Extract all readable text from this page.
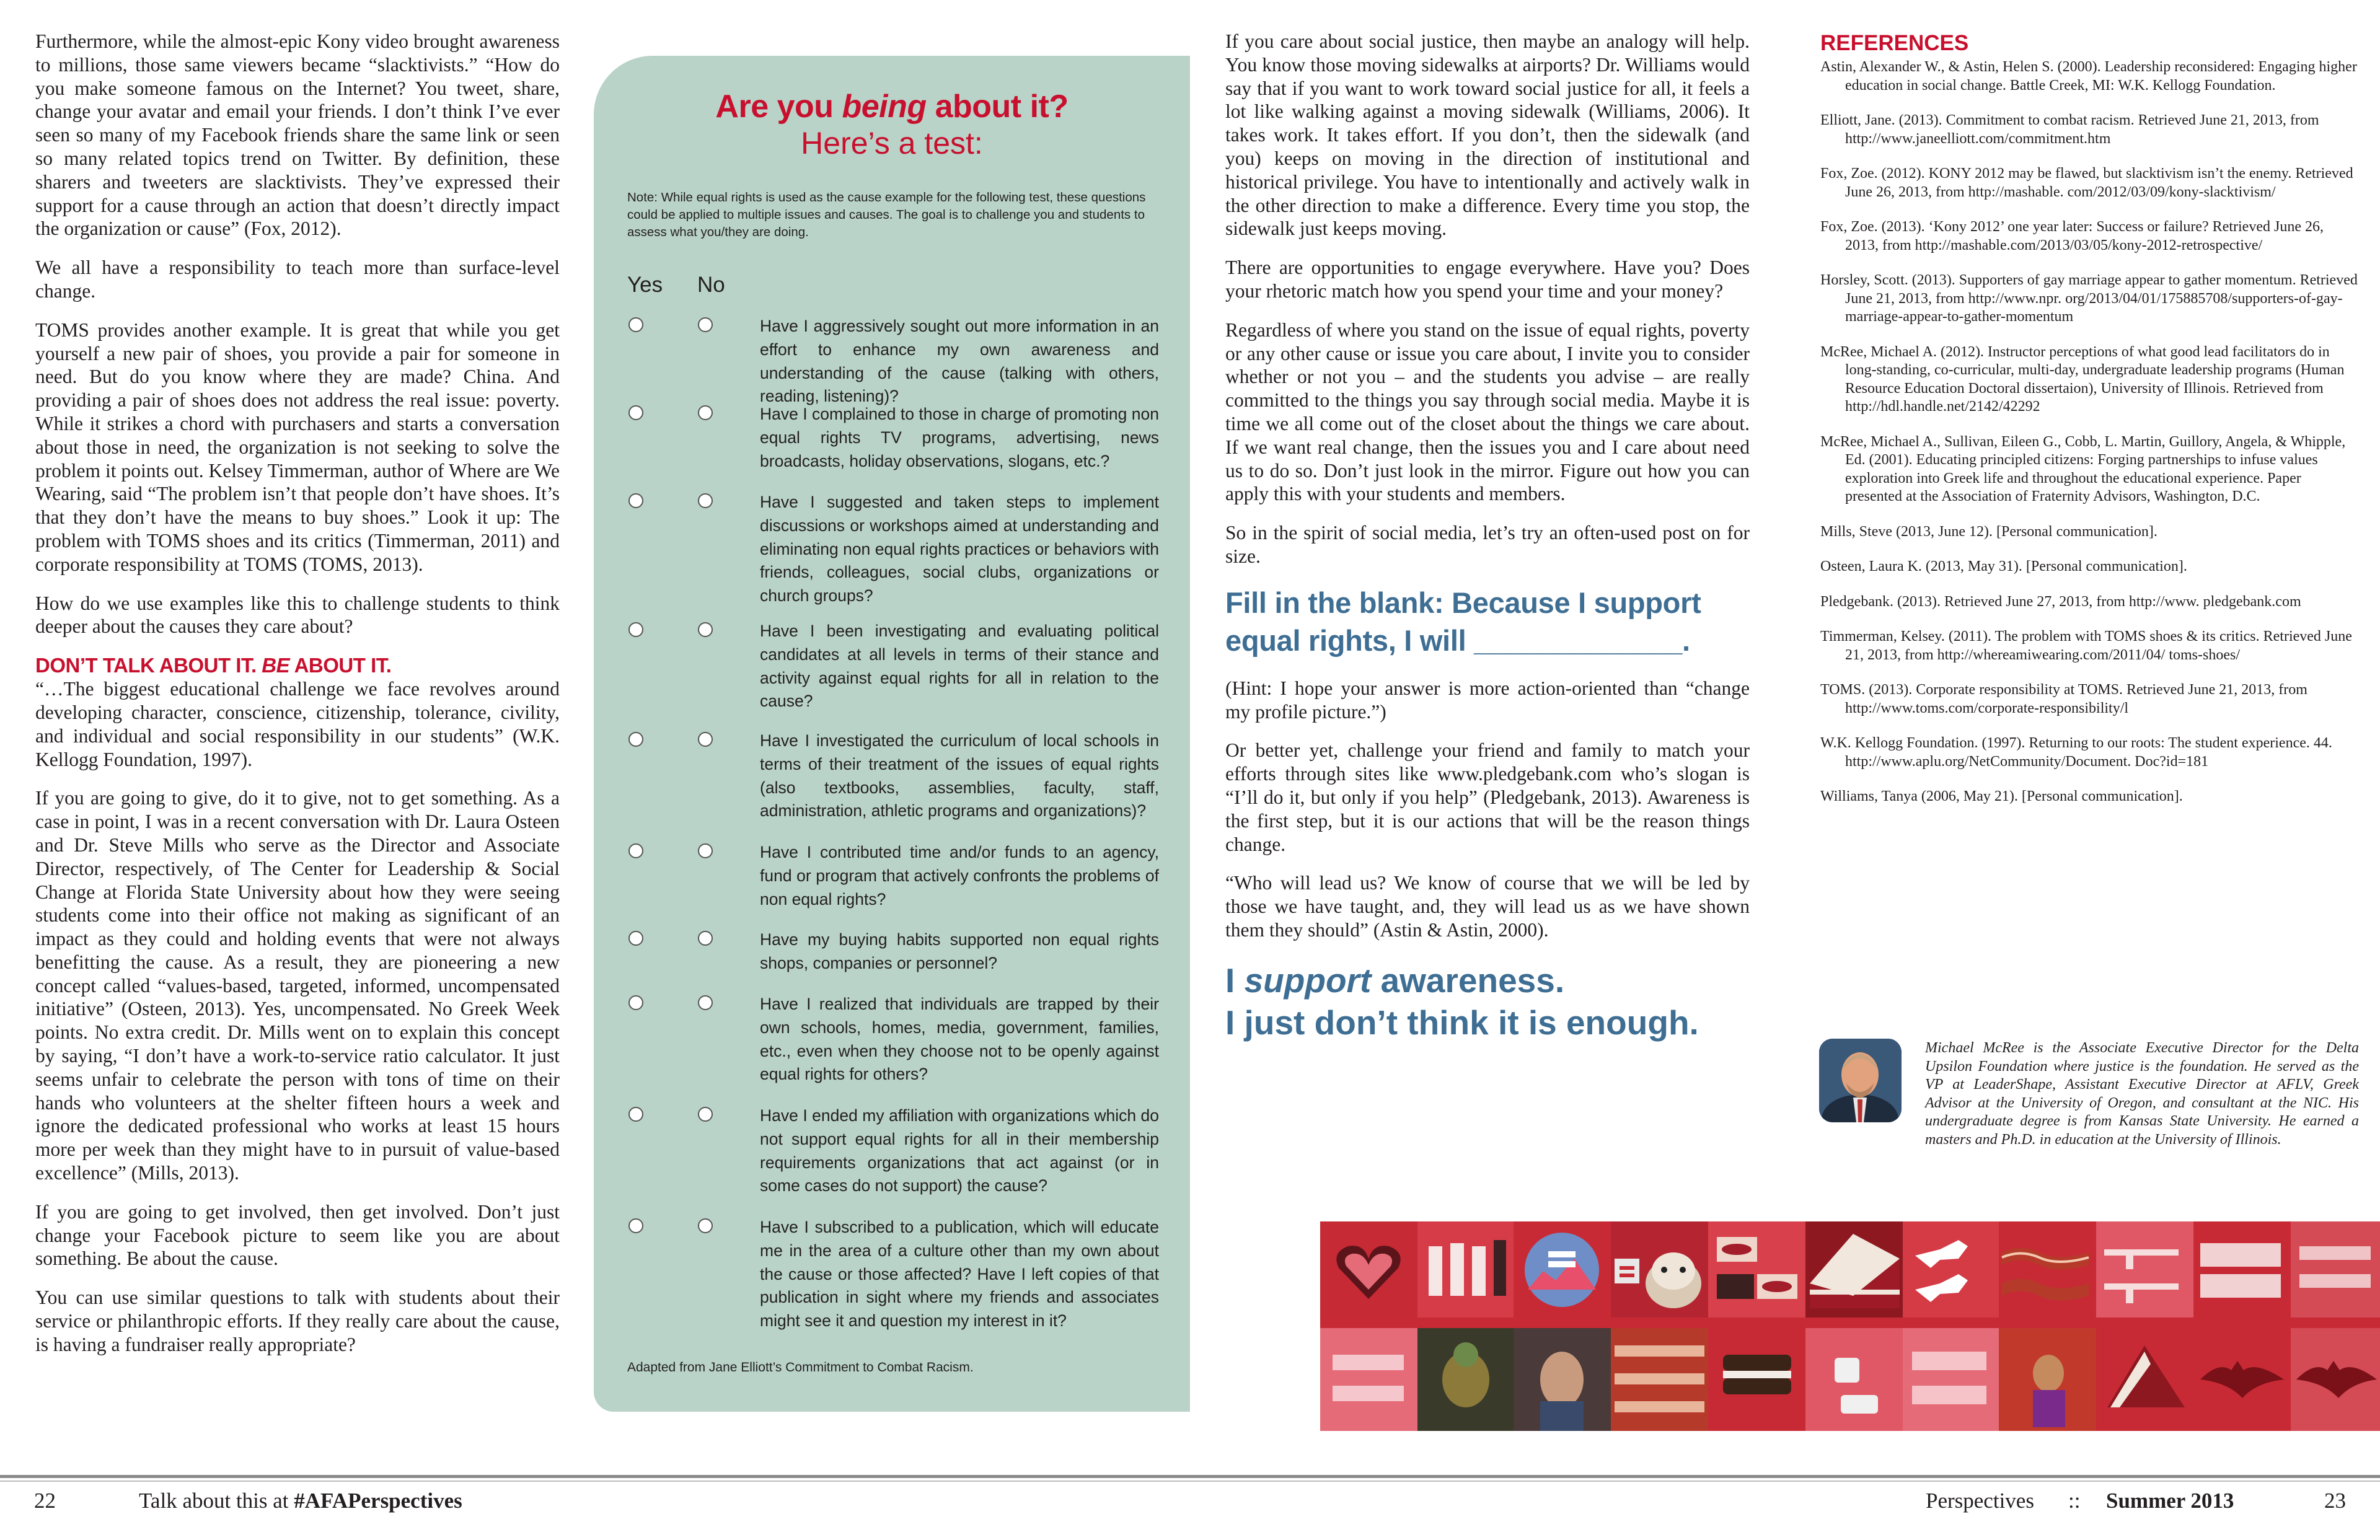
Furthermore, while the almost-epic Kony video brought awareness to millions, those same viewers became “slacktivists.” “How do you make someone famous on the Internet? You tweet, share, change your avatar and email your friends. I don’t think I’ve ever seen so many of my Facebook friends share the same link or seen so many related topics trend on Twitter. By definition, these sharers and tweeters are slacktivists. They’ve expressed their support for a cause through an action that doesn’t directly impact the organization or cause” (Fox, 2012).

We all have a responsibility to teach more than surface-level change.

TOMS provides another example. It is great that while you get yourself a new pair of shoes, you provide a pair for someone in need. But do you know where they are made? China. And providing a pair of shoes does not address the real issue: poverty. While it strikes a chord with purchasers and starts a conversation about those in need, the organization is not seeking to solve the problem it points out. Kelsey Timmerman, author of Where are We Wearing, said “The problem isn’t that people don’t have shoes. It’s that they don’t have the means to buy shoes.” Look it up: The problem with TOMS shoes and its critics (Timmerman, 2011) and corporate responsibility at TOMS (TOMS, 2013).

How do we use examples like this to challenge students to think deeper about the causes they care about?

DON’T TALK ABOUT IT. BE ABOUT IT.

“…The biggest educational challenge we face revolves around developing character, conscience, citizenship, tolerance, civility, and individual and social responsibility in our students” (W.K. Kellogg Foundation, 1997).

If you are going to give, do it to give, not to get something. As a case in point, I was in a recent conversation with Dr. Laura Osteen and Dr. Steve Mills who serve as the Director and Associate Director, respectively, of The Center for Leadership & Social Change at Florida State University about how they were seeing students come into their office not making as significant of an impact as they could and holding events that were not always benefitting the cause. As a result, they are pioneering a new concept called “values-based, targeted, informed, uncompensated initiative” (Osteen, 2013). Yes, uncompensated. No Greek Week points. No extra credit. Dr. Mills went on to explain this concept by saying, “I don’t have a work-to-service ratio calculator. It just seems unfair to celebrate the person with tons of time on their hands who volunteers at the shelter fifteen hours a week and ignore the dedicated professional who works at least 15 hours more per week than they might have to in pursuit of value-based excellence” (Mills, 2013).

If you are going to get involved, then get involved. Don’t just change your Facebook picture to seem like you are about something. Be about the cause.

You can use similar questions to talk with students about their service or philanthropic efforts. If they really care about the cause, is having a fundraiser really appropriate?

Are you being about it?
Here’s a test:
Note: While equal rights is used as the cause example for the following test, these questions could be applied to multiple issues and causes. The goal is to challenge you and students to assess what you/they are doing.
Yes No
Have I aggressively sought out more information in an effort to enhance my own awareness and understanding of the cause (talking with others, reading, listening)?
Have I complained to those in charge of promoting non equal rights TV programs, advertising, news broadcasts, holiday observations, slogans, etc.?
Have I suggested and taken steps to implement discussions or workshops aimed at understanding and eliminating non equal rights practices or behaviors with friends, colleagues, social clubs, organizations or church groups?
Have I been investigating and evaluating political candidates at all levels in terms of their stance and activity against equal rights for all in relation to the cause?
Have I investigated the curriculum of local schools in terms of their treatment of the issues of equal rights (also textbooks, assemblies, faculty, staff, administration, athletic programs and organizations)?
Have I contributed time and/or funds to an agency, fund or program that actively confronts the problems of non equal rights?
Have my buying habits supported non equal rights shops, companies or personnel?
Have I realized that individuals are trapped by their own schools, homes, media, government, families, etc., even when they choose not to be openly against equal rights for others?
Have I ended my affiliation with organizations which do not support equal rights for all in their membership requirements organizations that act against (or in some cases do not support) the cause?
Have I subscribed to a publication, which will educate me in the area of a culture other than my own about the cause or those affected? Have I left copies of that publication in sight where my friends and associates might see it and question my interest in it?
Adapted from Jane Elliott’s Commitment to Combat Racism.

If you care about social justice, then maybe an analogy will help. You know those moving sidewalks at airports? Dr. Williams would say that if you want to work toward social justice for all, it feels a lot like walking against a moving sidewalk (Williams, 2006). It takes work. It takes effort. If you don’t, then the sidewalk (and you) keeps on moving in the direction of institutional and historical privilege. You have to intentionally and actively walk in the other direction to make a difference. Every time you stop, the sidewalk just keeps moving.

There are opportunities to engage everywhere. Have you? Does your rhetoric match how you spend your time and your money?

Regardless of where you stand on the issue of equal rights, poverty or any other cause or issue you care about, I invite you to consider whether or not you – and the students you advise – are really committed to the things you say through social media. Maybe it is time we all come out of the closet about the things we care about. If we want real change, then the issues you and I care about need us to do so. Don’t just look in the mirror. Figure out how you can apply this with your students and members.

So in the spirit of social media, let’s try an often-used post on for size.

Fill in the blank: Because I support equal rights, I will _____________.

(Hint: I hope your answer is more action-oriented than “change my profile picture.”)

Or better yet, challenge your friend and family to match your efforts through sites like www.pledgebank.com who’s slogan is “I’ll do it, but only if you help” (Pledgebank, 2013). Awareness is the first step, but it is our actions that will be the reason things change.

“Who will lead us? We know of course that we will be led by those we have taught, and, they will lead us as we have shown them they should” (Astin & Astin, 2000).

I support awareness.
I just don’t think it is enough.
REFERENCES

Astin, Alexander W., & Astin, Helen S. (2000). Leadership reconsidered: Engaging higher education in social change. Battle Creek, MI: W.K. Kellogg Foundation.

Elliott, Jane. (2013). Commitment to combat racism. Retrieved June 21, 2013, from http://www.janeelliott.com/commitment.htm

Fox, Zoe. (2012). KONY 2012 may be flawed, but slacktivism isn’t the enemy. Retrieved June 26, 2013, from http://mashable. com/2012/03/09/kony-slacktivism/

Fox, Zoe. (2013). ‘Kony 2012’ one year later: Success or failure? Retrieved June 26, 2013, from http://mashable.com/2013/03/05/kony-2012-retrospective/

Horsley, Scott. (2013). Supporters of gay marriage appear to gather momentum. Retrieved June 21, 2013, from http://www.npr. org/2013/04/01/175885708/supporters-of-gay-marriage-appear-to-gather-momentum

McRee, Michael A. (2012). Instructor perceptions of what good lead facilitators do in long-standing, co-curricular, multi-day, undergraduate leadership programs (Human Resource Education Doctoral dissertaion), University of Illinois. Retrieved from http://hdl.handle.net/2142/42292

McRee, Michael A., Sullivan, Eileen G., Cobb, L. Martin, Guillory, Angela, & Whipple, Ed. (2001). Educating principled citizens: Forging partnerships to infuse values exploration into Greek life and throughout the educational experience. Paper presented at the Association of Fraternity Advisors, Washington, D.C.

Mills, Steve (2013, June 12). [Personal communication].

Osteen, Laura K. (2013, May 31). [Personal communication].

Pledgebank. (2013). Retrieved June 27, 2013, from http://www. pledgebank.com

Timmerman, Kelsey. (2011). The problem with TOMS shoes & its critics. Retrieved June 21, 2013, from http://whereamiwearing.com/2011/04/ toms-shoes/

TOMS. (2013). Corporate responsibility at TOMS. Retrieved June 21, 2013, from http://www.toms.com/corporate-responsibility/l

W.K. Kellogg Foundation. (1997). Returning to our roots: The student experience. 44. http://www.aplu.org/NetCommunity/Document. Doc?id=181

Williams, Tanya (2006, May 21). [Personal communication].

Michael McRee is the Associate Executive Director for the Delta Upsilon Foundation where justice is the foundation. He served as the VP at LeaderShape, Assistant Executive Director at AFLV, Greek Advisor at the University of Oregon, and consultant at the NIC. His undergraduate degree is from Kansas State University. He earned a masters and Ph.D. in education at the University of Illinois.
22	Talk about this at #AFAPerspectives	Perspectives :: Summer 2013	23
